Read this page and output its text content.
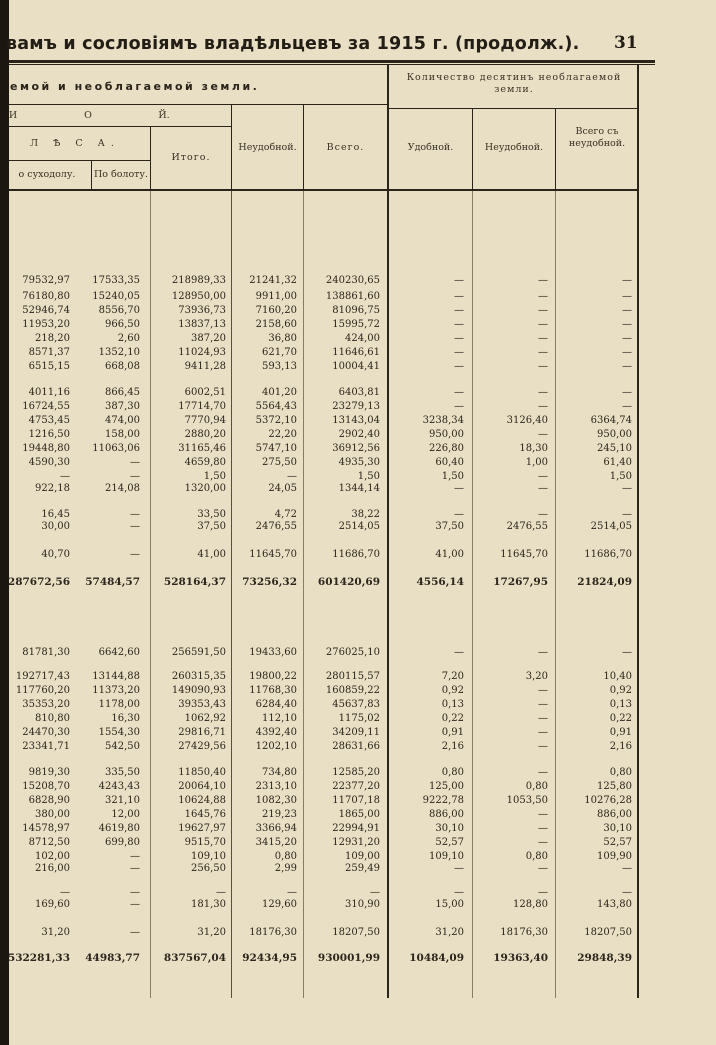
вамъ и сословіямъ владѣльцевъ за 1915 г. (продолж.). 31
емой и необлагаемой земли.
Количество десятинъ необлагаемой земли.
И	О	Й.
Л Ѣ С А.
о суходолу.	По болоту.
Итого.
Неудобной.	Всего.	Удобной.	Неудобной.
Всего съ неудобной.
79532,97	17533,35	218989,33	21241,32	240230,65	—	—	—
76180,80	15240,05	128950,00	9911,00	138861,60	—	—	—
52946,74	8556,70	73936,73	7160,20	81096,75	—	—	—
11953,20	966,50	13837,13	2158,60	15995,72	—	—	—
218,20	2,60	387,20	36,80	424,00	—	—	—
8571,37	1352,10	11024,93	621,70	11646,61	—	—	—
6515,15	668,08	9411,28	593,13	10004,41	—	—	—
4011,16	866,45	6002,51	401,20	6403,81	—	—	—
16724,55	387,30	17714,70	5564,43	23279,13	—	—	—
4753,45	474,00	7770,94	5372,10	13143,04	3238,34	3126,40	6364,74
1216,50	158,00	2880,20	22,20	2902,40	950,00	—	950,00
19448,80	11063,06	31165,46	5747,10	36912,56	226,80	18,30	245,10
4590,30	—	4659,80	275,50	4935,30	60,40	1,00	61,40
—	—	1,50	—	1,50	1,50	—	1,50
922,18	214,08	1320,00	24,05	1344,14	—	—	—
16,45	—	33,50	4,72	38,22	—	—	—
30,00	—	37,50	2476,55	2514,05	37,50	2476,55	2514,05
40,70	—	41,00	11645,70	11686,70	41,00	11645,70	11686,70
287672,56	57484,57	528164,37	73256,32	601420,69	4556,14	17267,95	21824,09
81781,30	6642,60	256591,50	19433,60	276025,10	—	—	—
192717,43	13144,88	260315,35	19800,22	280115,57	7,20	3,20	10,40
117760,20	11373,20	149090,93	11768,30	160859,22	0,92	—	0,92
35353,20	1178,00	39353,43	6284,40	45637,83	0,13	—	0,13
810,80	16,30	1062,92	112,10	1175,02	0,22	—	0,22
24470,30	1554,30	29816,71	4392,40	34209,11	0,91	—	0,91
23341,71	542,50	27429,56	1202,10	28631,66	2,16	—	2,16
9819,30	335,50	11850,40	734,80	12585,20	0,80	—	0,80
15208,70	4243,43	20064,10	2313,10	22377,20	125,00	0,80	125,80
6828,90	321,10	10624,88	1082,30	11707,18	9222,78	1053,50	10276,28
380,00	12,00	1645,76	219,23	1865,00	886,00	—	886,00
14578,97	4619,80	19627,97	3366,94	22994,91	30,10	—	30,10
8712,50	699,80	9515,70	3415,20	12931,20	52,57	—	52,57
102,00	—	109,10	0,80	109,00	109,10	0,80	109,90
216,00	—	256,50	2,99	259,49	—	—	—
—	—	—	—	—	—	—	—
169,60	—	181,30	129,60	310,90	15,00	128,80	143,80
31,20	—	31,20	18176,30	18207,50	31,20	18176,30	18207,50
532281,33	44983,77	837567,04	92434,95	930001,99	10484,09	19363,40	29848,39
